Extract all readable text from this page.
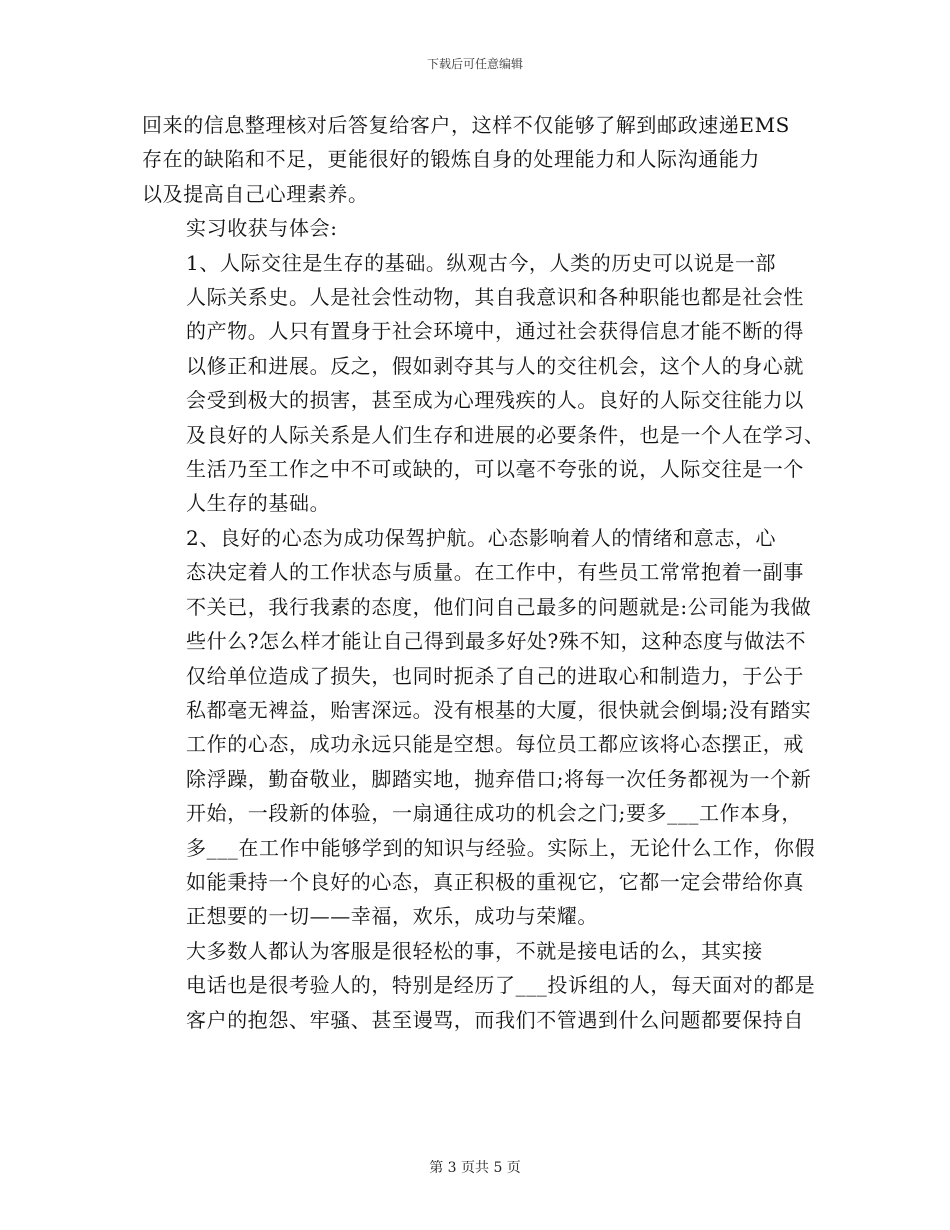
下载后可任意编辑

回来的信息整理核对后答复给客户，这样不仅能够了解到邮政速递EMS
存在的缺陷和不足，更能很好的锻炼自身的处理能力和人际沟通能力
以及提高自己心理素养。

实习收获与体会:

1、人际交往是生存的基础。纵观古今，人类的历史可以说是一部
人际关系史。人是社会性动物，其自我意识和各种职能也都是社会性
的产物。人只有置身于社会环境中，通过社会获得信息才能不断的得
以修正和进展。反之，假如剥夺其与人的交往机会，这个人的身心就
会受到极大的损害，甚至成为心理残疾的人。良好的人际交往能力以
及良好的人际关系是人们生存和进展的必要条件，也是一个人在学习、
生活乃至工作之中不可或缺的，可以毫不夸张的说，人际交往是一个
人生存的基础。

2、良好的心态为成功保驾护航。心态影响着人的情绪和意志，心
态决定着人的工作状态与质量。在工作中，有些员工常常抱着一副事
不关已，我行我素的态度，他们问自己最多的问题就是:公司能为我做
些什么?怎么样才能让自己得到最多好处?殊不知，这种态度与做法不
仅给单位造成了损失，也同时扼杀了自己的进取心和制造力，于公于
私都毫无裨益，贻害深远。没有根基的大厦，很快就会倒塌;没有踏实
工作的心态，成功永远只能是空想。每位员工都应该将心态摆正，戒
除浮躁，勤奋敬业，脚踏实地，抛弃借口;将每一次任务都视为一个新
开始，一段新的体验，一扇通往成功的机会之门;要多___工作本身，
多___在工作中能够学到的知识与经验。实际上，无论什么工作，你假
如能秉持一个良好的心态，真正积极的重视它，它都一定会带给你真
正想要的一切——幸福，欢乐，成功与荣耀。

大多数人都认为客服是很轻松的事，不就是接电话的么，其实接
电话也是很考验人的，特别是经历了___投诉组的人，每天面对的都是
客户的抱怨、牢骚、甚至谩骂，而我们不管遇到什么问题都要保持自

第 3 页共 5 页
